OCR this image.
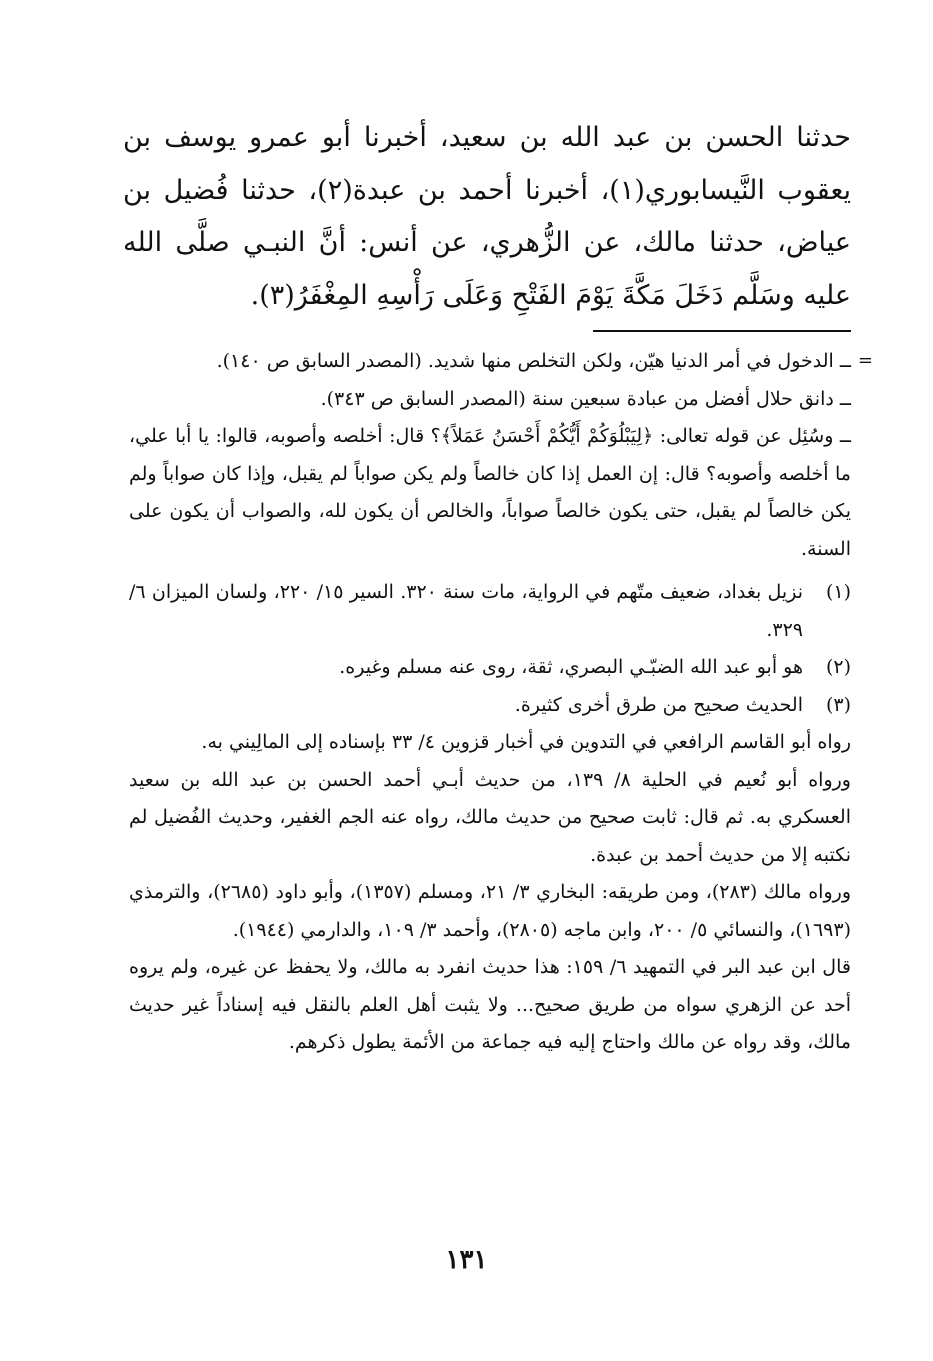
حدثنا الحسن بن عبد الله بن سعيد، أخبرنا أبو عمرو يوسف بن يعقوب النَّيسابوري(١)، أخبرنا أحمد بن عبدة(٢)، حدثنا فُضيل بن عياض، حدثنا مالك، عن الزُّهري، عن أنس: أنَّ النبـي صلَّى الله عليه وسَلَّم دَخَلَ مَكَّةَ يَوْمَ الفَتْحِ وَعَلَى رَأْسِهِ المِغْفَرُ(٣).

=

ــ الدخول في أمر الدنيا هيّن، ولكن التخلص منها شديد. (المصدر السابق ص ١٤٠).

ــ دانق حلال أفضل من عبادة سبعين سنة (المصدر السابق ص ٣٤٣).

ــ وسُئِل عن قوله تعالى: ﴿لِيَبْلُوَكُمْ أَيُّكُمْ أَحْسَنُ عَمَلاً﴾؟ قال: أخلصه وأصوبه، قالوا: يا أبا علي، ما أخلصه وأصوبه؟ قال: إن العمل إذا كان خالصاً ولم يكن صواباً لم يقبل، وإذا كان صواباً ولم يكن خالصاً لم يقبل، حتى يكون خالصاً صواباً، والخالص أن يكون لله، والصواب أن يكون على السنة.

(١)
نزيل بغداد، ضعيف متّهم في الرواية، مات سنة ٣٢٠. السير ١٥/ ٢٢٠، ولسان الميزان ٦/ ٣٢٩.
(٢)
هو أبو عبد الله الضبّـي البصري، ثقة، روى عنه مسلم وغيره.
(٣)
الحديث صحيح من طرق أخرى كثيرة.

رواه أبو القاسم الرافعي في التدوين في أخبار قزوين ٤/ ٣٣ بإسناده إلى المالِيني به.

ورواه أبو نُعيم في الحلية ٨/ ١٣٩، من حديث أبـي أحمد الحسن بن عبد الله بن سعيد العسكري به. ثم قال: ثابت صحيح من حديث مالك، رواه عنه الجم الغفير، وحديث الفُضيل لم نكتبه إلا من حديث أحمد بن عبدة.

ورواه مالك (٢٨٣)، ومن طريقه: البخاري ٣/ ٢١، ومسلم (١٣٥٧)، وأبو داود (٢٦٨٥)، والترمذي (١٦٩٣)، والنسائي ٥/ ٢٠٠، وابن ماجه (٢٨٠٥)، وأحمد ٣/ ١٠٩، والدارمي (١٩٤٤).

قال ابن عبد البر في التمهيد ٦/ ١٥٩: هذا حديث انفرد به مالك، ولا يحفظ عن غيره، ولم يروه أحد عن الزهري سواه من طريق صحيح... ولا يثبت أهل العلم بالنقل فيه إسناداً غير حديث مالك، وقد رواه عن مالك واحتاج إليه فيه جماعة من الأئمة يطول ذكرهم.

١٣١
